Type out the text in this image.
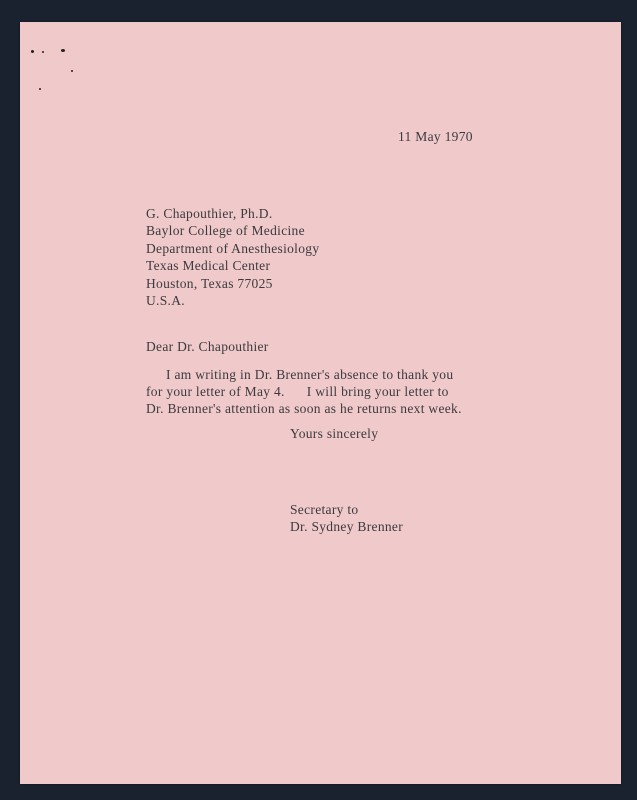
11 May 1970
G. Chapouthier, Ph.D.
Baylor College of Medicine
Department of Anesthesiology
Texas Medical Center
Houston, Texas 77025
U.S.A.
Dear Dr. Chapouthier
I am writing in Dr. Brenner's absence to thank you
for your letter of May 4.      I will bring your letter to
Dr. Brenner's attention as soon as he returns next week.
Yours sincerely
Secretary to
Dr. Sydney Brenner
